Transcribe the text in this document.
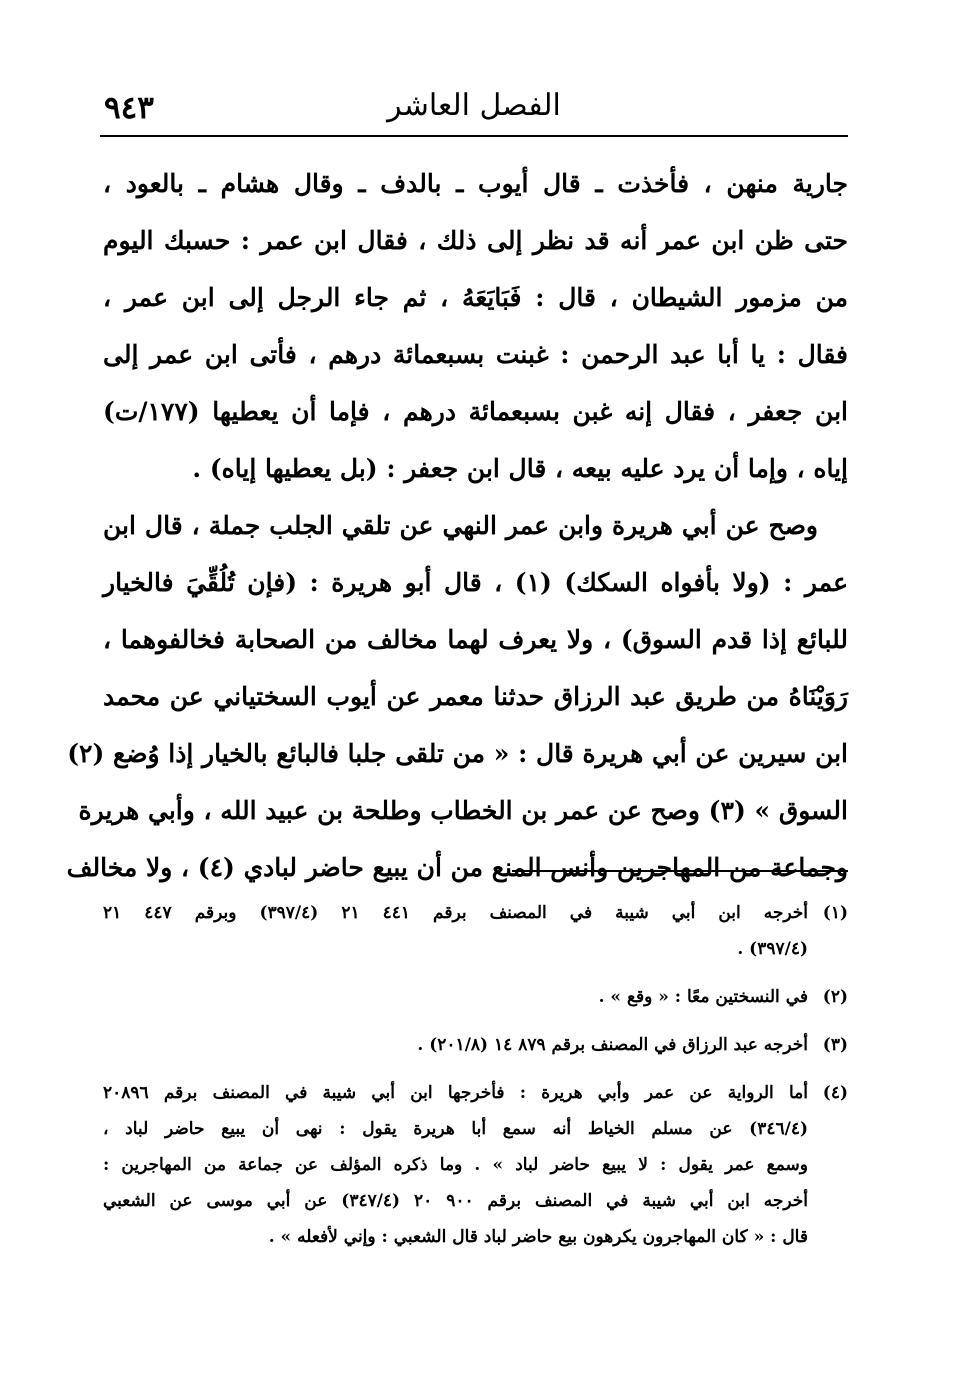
٩٤٣	الفصل العاشر
جارية منهن ، فأخذت ـ قال أيوب ـ بالدف ـ وقال هشام ـ بالعود ،
حتى ظن ابن عمر أنه قد نظر إلى ذلك ، فقال ابن عمر : حسبك اليوم
من مزمور الشيطان ، قال : فَبَايَعَهُ ، ثم جاء الرجل إلى ابن عمر ،
فقال : يا أبا عبد الرحمن : غبنت بسبعمائة درهم ، فأتى ابن عمر إلى
ابن جعفر ، فقال إنه غبن بسبعمائة درهم ، فإما أن يعطيها (١٧٧/ت)
إياه ، وإما أن يرد عليه بيعه ، قال ابن جعفر : (بل يعطيها إياه) .
وصح عن أبي هريرة وابن عمر النهي عن تلقي الجلب جملة ، قال ابن
عمر : (ولا بأفواه السكك) (١) ، قال أبو هريرة : (فإن تُلُقِّيَ فالخيار
للبائع إذا قدم السوق) ، ولا يعرف لهما مخالف من الصحابة فخالفوهما ،
رَوَيْنَاهُ من طريق عبد الرزاق حدثنا معمر عن أيوب السختياني عن محمد
ابن سيرين عن أبي هريرة قال : « من تلقى جلبا فالبائع بالخيار إذا وُضع (٢)
السوق » (٣) وصح عن عمر بن الخطاب وطلحة بن عبيد الله ، وأبي هريرة
وجماعة من المهاجرين وأنس المنع من أن يبيع حاضر لبادي (٤) ، ولا مخالف
(١)
أخرجه ابن أبي شيبة في المصنف برقم ٤٤١ ٢١ (٣٩٧/٤) وبرقم ٤٤٧ ٢١
(٣٩٧/٤) .
(٢)
في النسختين معًا : « وقع » .
(٣)
أخرجه عبد الرزاق في المصنف برقم ٨٧٩ ١٤ (٢٠١/٨) .
(٤)
أما الرواية عن عمر وأبي هريرة : فأخرجها ابن أبي شيبة في المصنف برقم ٢٠٨٩٦
(٣٤٦/٤) عن مسلم الخياط أنه سمع أبا هريرة يقول : نهى أن يبيع حاضر لباد ،
وسمع عمر يقول : لا يبيع حاضر لباد » . وما ذكره المؤلف عن جماعة من المهاجرين :
أخرجه ابن أبي شيبة في المصنف برقم ٩٠٠ ٢٠ (٣٤٧/٤) عن أبي موسى عن الشعبي
قال : « كان المهاجرون يكرهون بيع حاضر لباد قال الشعبي : وإني لأفعله » .
